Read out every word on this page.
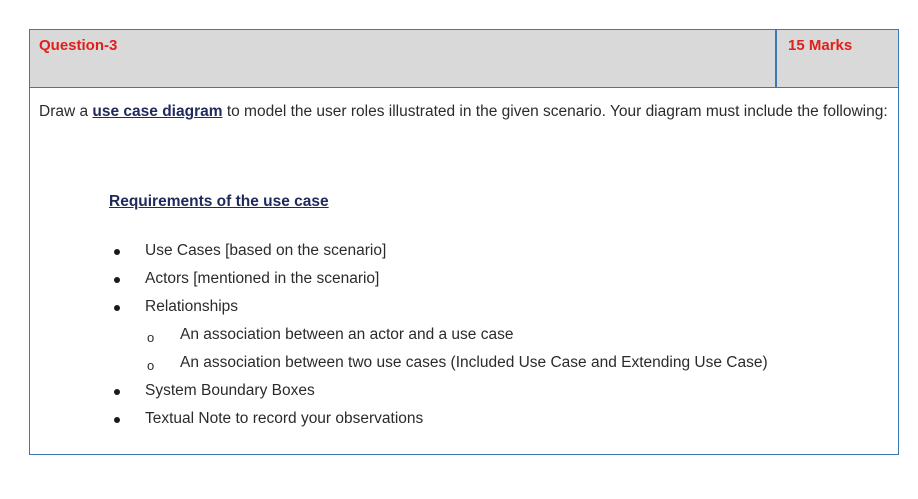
Question-3	15 Marks

Draw a use case diagram to model the user roles illustrated in the given scenario. Your diagram must include the following:

Requirements of the use case
Use Cases [based on the scenario]
Actors [mentioned in the scenario]
Relationships
o An association between an actor and a use case
o An association between two use cases (Included Use Case and Extending Use Case)
System Boundary Boxes
Textual Note to record your observations
